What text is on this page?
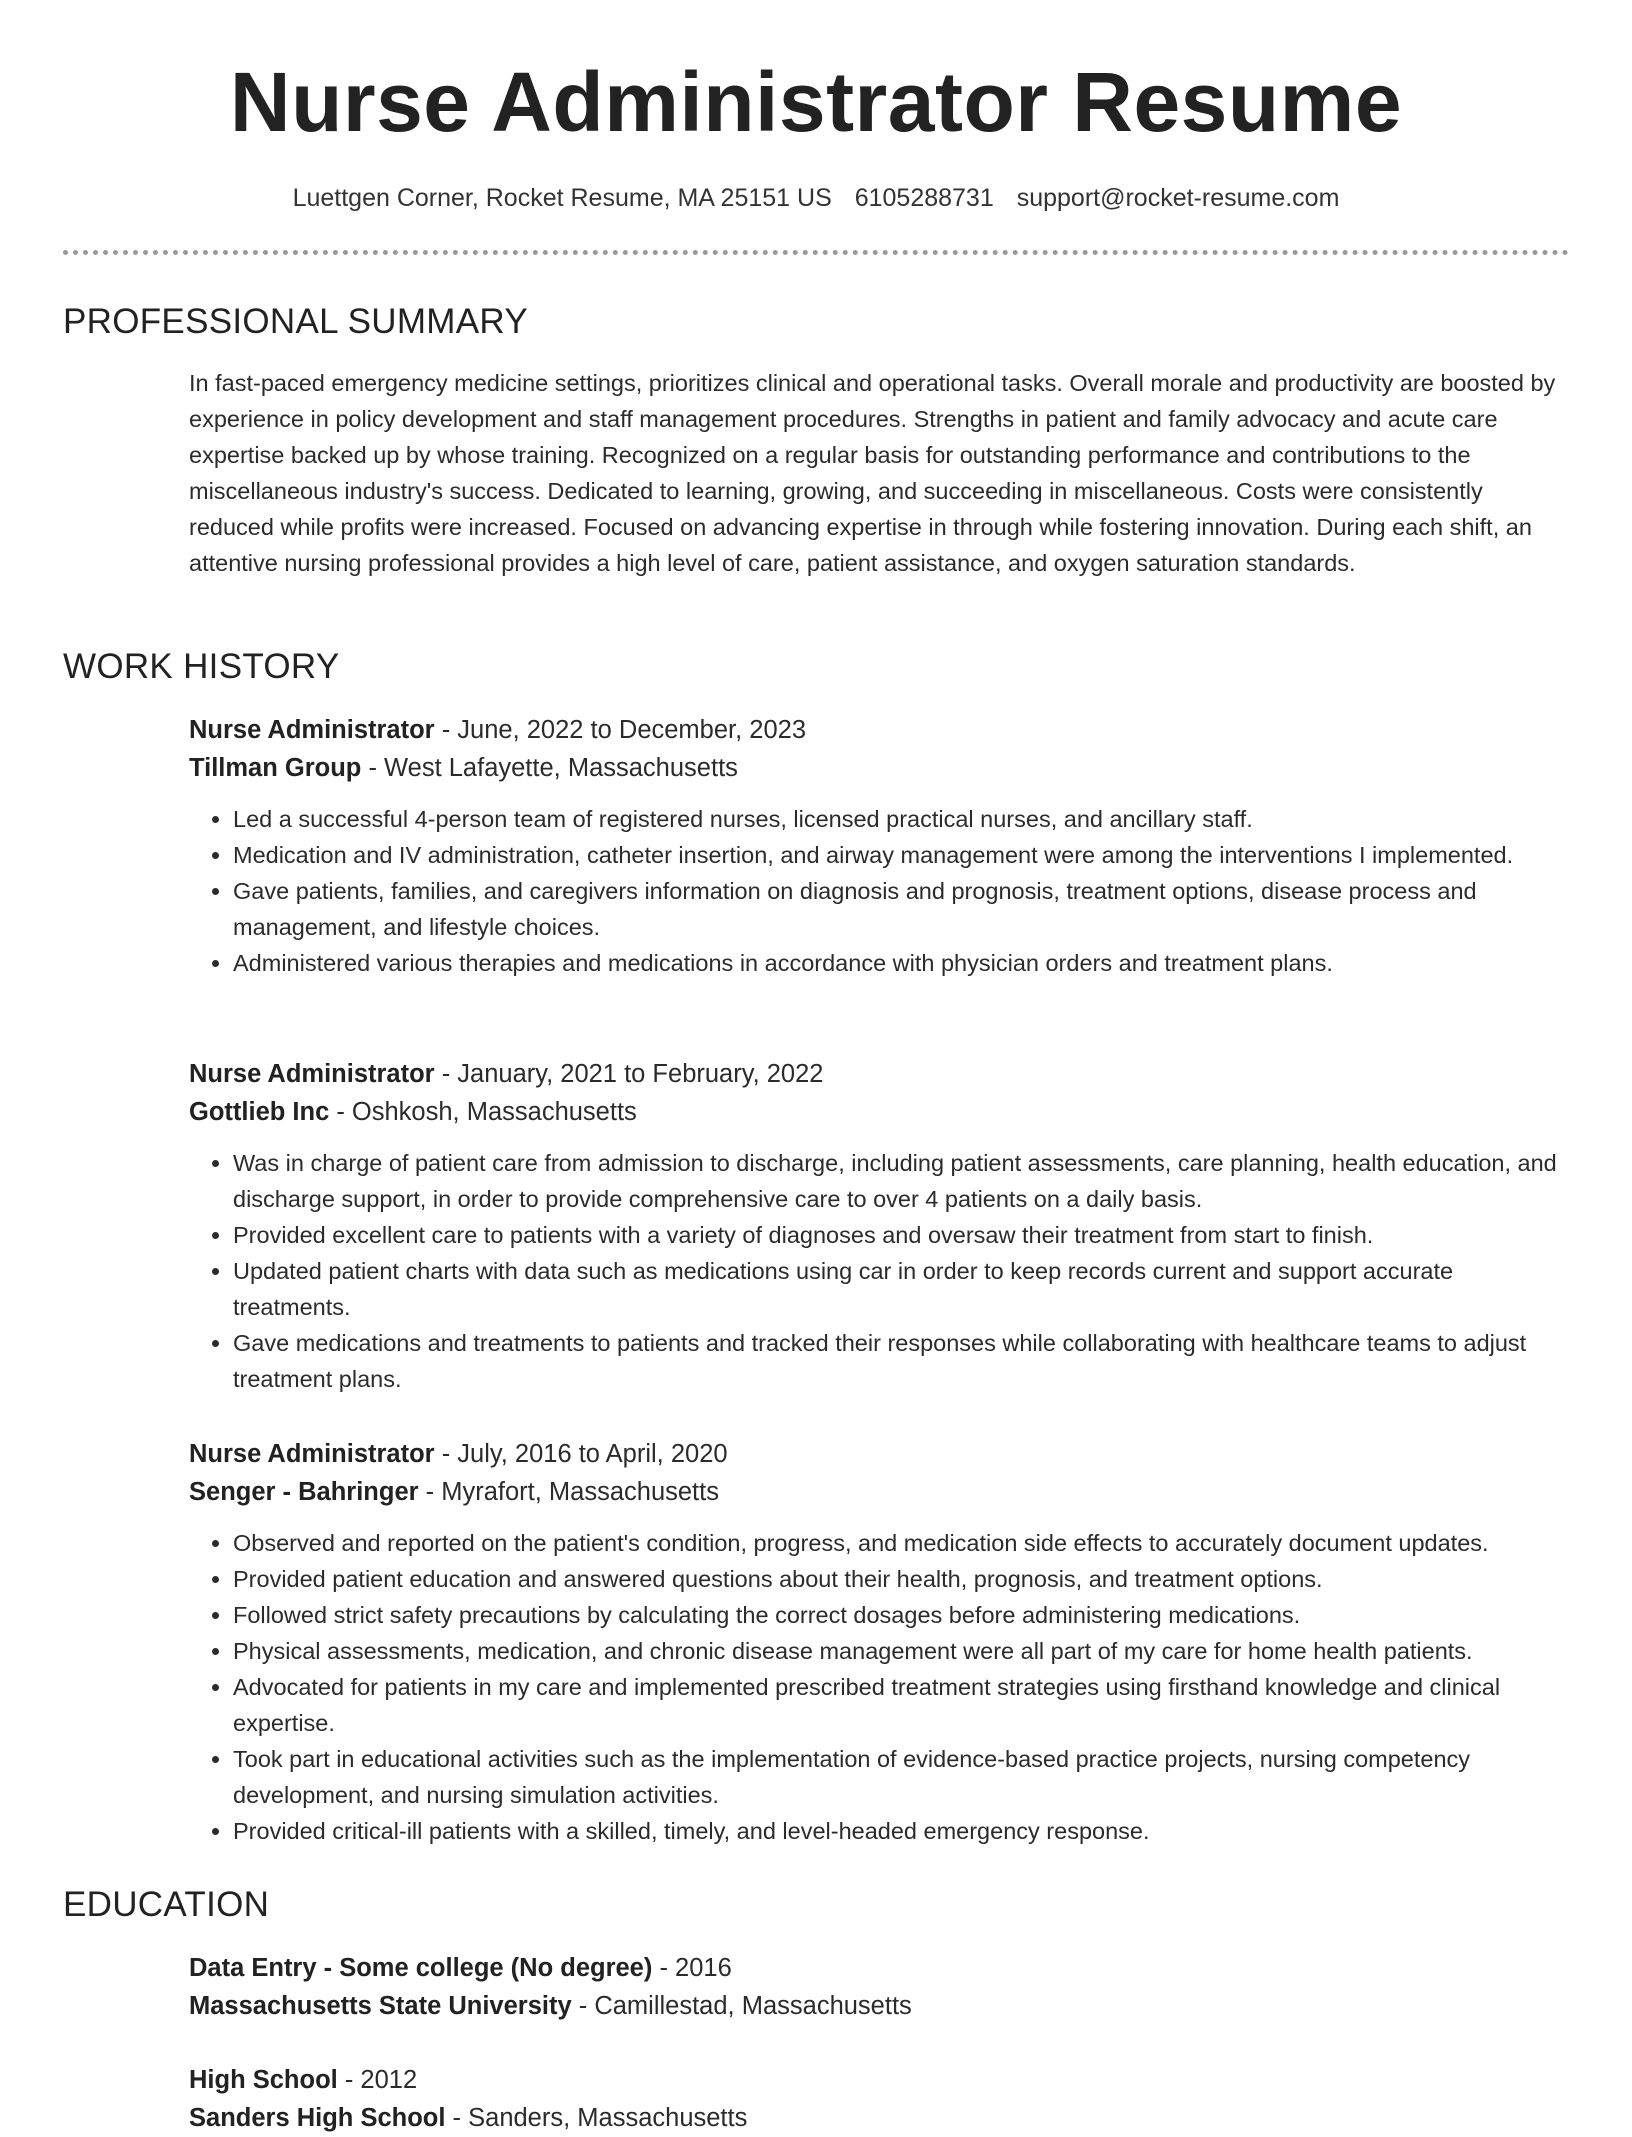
Nurse Administrator Resume
Luettgen Corner, Rocket Resume, MA 25151 US 6105288731 support@rocket-resume.com
PROFESSIONAL SUMMARY
In fast-paced emergency medicine settings, prioritizes clinical and operational tasks. Overall morale and productivity are boosted by experience in policy development and staff management procedures. Strengths in patient and family advocacy and acute care expertise backed up by whose training. Recognized on a regular basis for outstanding performance and contributions to the miscellaneous industry's success. Dedicated to learning, growing, and succeeding in miscellaneous. Costs were consistently reduced while profits were increased. Focused on advancing expertise in through while fostering innovation. During each shift, an attentive nursing professional provides a high level of care, patient assistance, and oxygen saturation standards.
WORK HISTORY
Nurse Administrator - June, 2022 to December, 2023
Tillman Group - West Lafayette, Massachusetts
• Led a successful 4-person team of registered nurses, licensed practical nurses, and ancillary staff.
• Medication and IV administration, catheter insertion, and airway management were among the interventions I implemented.
• Gave patients, families, and caregivers information on diagnosis and prognosis, treatment options, disease process and management, and lifestyle choices.
• Administered various therapies and medications in accordance with physician orders and treatment plans.
Nurse Administrator - January, 2021 to February, 2022
Gottlieb Inc - Oshkosh, Massachusetts
• Was in charge of patient care from admission to discharge, including patient assessments, care planning, health education, and discharge support, in order to provide comprehensive care to over 4 patients on a daily basis.
• Provided excellent care to patients with a variety of diagnoses and oversaw their treatment from start to finish.
• Updated patient charts with data such as medications using car in order to keep records current and support accurate treatments.
• Gave medications and treatments to patients and tracked their responses while collaborating with healthcare teams to adjust treatment plans.
Nurse Administrator - July, 2016 to April, 2020
Senger - Bahringer - Myrafort, Massachusetts
• Observed and reported on the patient's condition, progress, and medication side effects to accurately document updates.
• Provided patient education and answered questions about their health, prognosis, and treatment options.
• Followed strict safety precautions by calculating the correct dosages before administering medications.
• Physical assessments, medication, and chronic disease management were all part of my care for home health patients.
• Advocated for patients in my care and implemented prescribed treatment strategies using firsthand knowledge and clinical expertise.
• Took part in educational activities such as the implementation of evidence-based practice projects, nursing competency development, and nursing simulation activities.
• Provided critical-ill patients with a skilled, timely, and level-headed emergency response.
EDUCATION
Data Entry - Some college (No degree) - 2016
Massachusetts State University - Camillestad, Massachusetts
High School - 2012
Sanders High School - Sanders, Massachusetts
